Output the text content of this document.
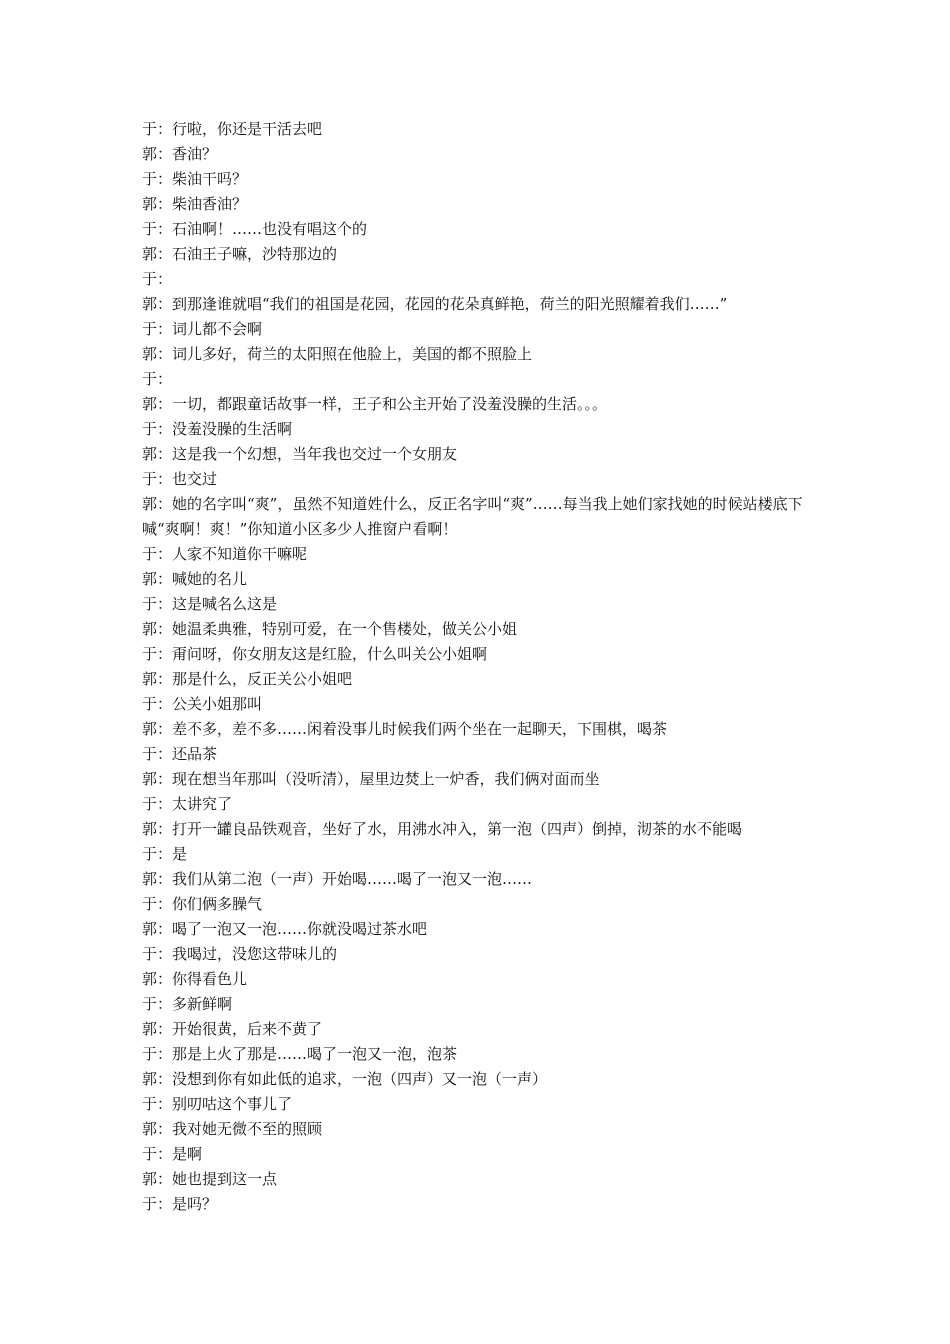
于：行啦，你还是干活去吧

郭：香油？

于：柴油干吗？

郭：柴油香油？

于：石油啊！……也没有唱这个的

郭：石油王子嘛，沙特那边的

于：

郭：到那逢谁就唱“我们的祖国是花园，花园的花朵真鲜艳，荷兰的阳光照耀着我们……”

于：词儿都不会啊

郭：词儿多好，荷兰的太阳照在他脸上，美国的都不照脸上

于：

郭：一切，都跟童话故事一样，王子和公主开始了没羞没臊的生活。。。

于：没羞没臊的生活啊

郭：这是我一个幻想，当年我也交过一个女朋友

于：也交过

郭：她的名字叫“爽”，虽然不知道姓什么，反正名字叫“爽”……每当我上她们家找她的时候站楼底下喊“爽啊！爽！”你知道小区多少人推窗户看啊！

于：人家不知道你干嘛呢

郭：喊她的名儿

于：这是喊名么这是

郭：她温柔典雅，特别可爱，在一个售楼处，做关公小姐

于：甭问呀，你女朋友这是红脸，什么叫关公小姐啊

郭：那是什么，反正关公小姐吧

于：公关小姐那叫

郭：差不多，差不多……闲着没事儿时候我们两个坐在一起聊天，下围棋，喝茶

于：还品茶

郭：现在想当年那叫（没听清），屋里边焚上一炉香，我们俩对面而坐

于：太讲究了

郭：打开一罐良品铁观音，坐好了水，用沸水冲入，第一泡（四声）倒掉，沏茶的水不能喝

于：是

郭：我们从第二泡（一声）开始喝……喝了一泡又一泡……

于：你们俩多臊气

郭：喝了一泡又一泡……你就没喝过茶水吧

于：我喝过，没您这带味儿的

郭：你得看色儿

于：多新鲜啊

郭：开始很黄，后来不黄了

于：那是上火了那是……喝了一泡又一泡，泡茶

郭：没想到你有如此低的追求，一泡（四声）又一泡（一声）

于：别叨咕这个事儿了

郭：我对她无微不至的照顾

于：是啊

郭：她也提到这一点

于：是吗？
